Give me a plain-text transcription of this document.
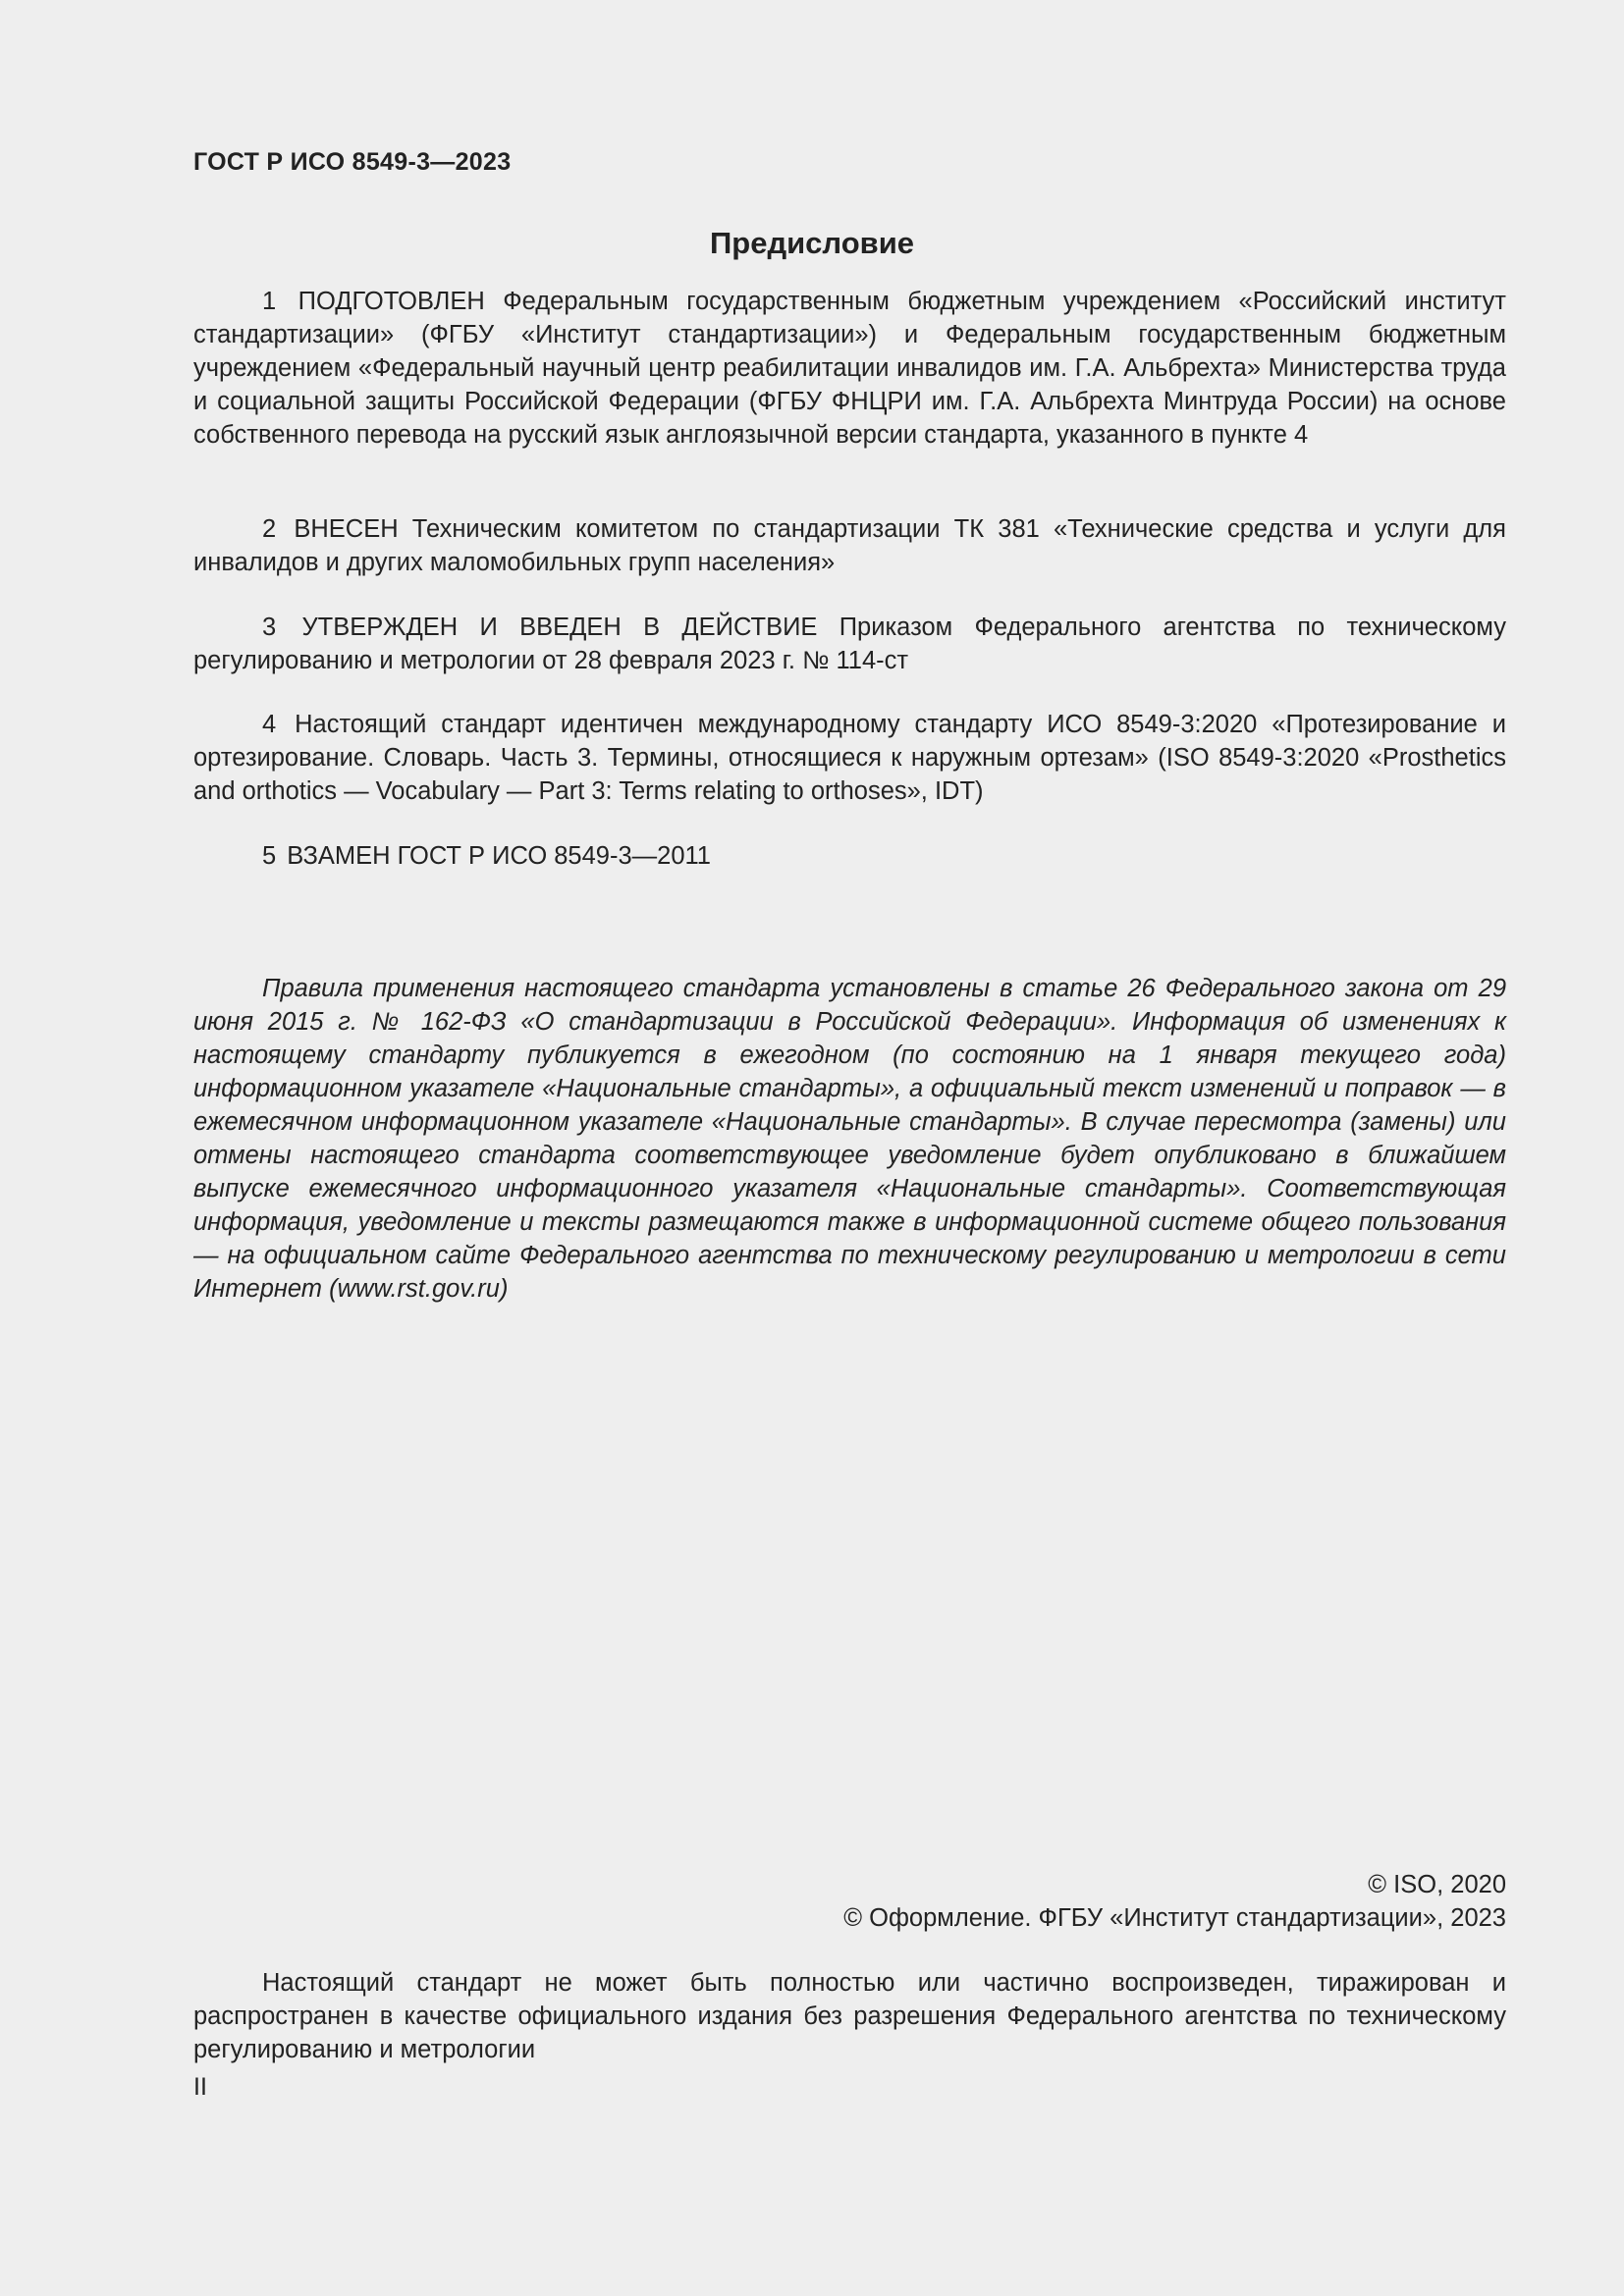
ГОСТ Р ИСО 8549-3—2023
Предисловие

1 ПОДГОТОВЛЕН Федеральным государственным бюджетным учреждением «Российский институт стандартизации» (ФГБУ «Институт стандартизации») и Федеральным государственным бюджетным учреждением «Федеральный научный центр реабилитации инвалидов им. Г.А. Альбрехта» Министерства труда и социальной защиты Российской Федерации (ФГБУ ФНЦРИ им. Г.А. Альбрехта Минтруда России) на основе собственного перевода на русский язык англоязычной версии стандарта, указанного в пункте 4

2 ВНЕСЕН Техническим комитетом по стандартизации ТК 381 «Технические средства и услуги для инвалидов и других маломобильных групп населения»

3 УТВЕРЖДЕН И ВВЕДЕН В ДЕЙСТВИЕ Приказом Федерального агентства по техническому регулированию и метрологии от 28 февраля 2023 г. № 114-ст

4 Настоящий стандарт идентичен международному стандарту ИСО 8549-3:2020 «Протезирование и ортезирование. Словарь. Часть 3. Термины, относящиеся к наружным ортезам» (ISO 8549-3:2020 «Prosthetics and orthotics — Vocabulary — Part 3: Terms relating to orthoses», IDT)

5 ВЗАМЕН ГОСТ Р ИСО 8549-3—2011

Правила применения настоящего стандарта установлены в статье 26 Федерального закона от 29 июня 2015 г. № 162-ФЗ «О стандартизации в Российской Федерации». Информация об изменениях к настоящему стандарту публикуется в ежегодном (по состоянию на 1 января текущего года) информационном указателе «Национальные стандарты», а официальный текст изменений и поправок — в ежемесячном информационном указателе «Национальные стандарты». В случае пересмотра (замены) или отмены настоящего стандарта соответствующее уведомление будет опубликовано в ближайшем выпуске ежемесячного информационного указателя «Национальные стандарты». Соответствующая информация, уведомление и тексты размещаются также в информационной системе общего пользования — на официальном сайте Федерального агентства по техническому регулированию и метрологии в сети Интернет (www.rst.gov.ru)

© ISO, 2020
© Оформление. ФГБУ «Институт стандартизации», 2023

Настоящий стандарт не может быть полностью или частично воспроизведен, тиражирован и распространен в качестве официального издания без разрешения Федерального агентства по техническому регулированию и метрологии

II
